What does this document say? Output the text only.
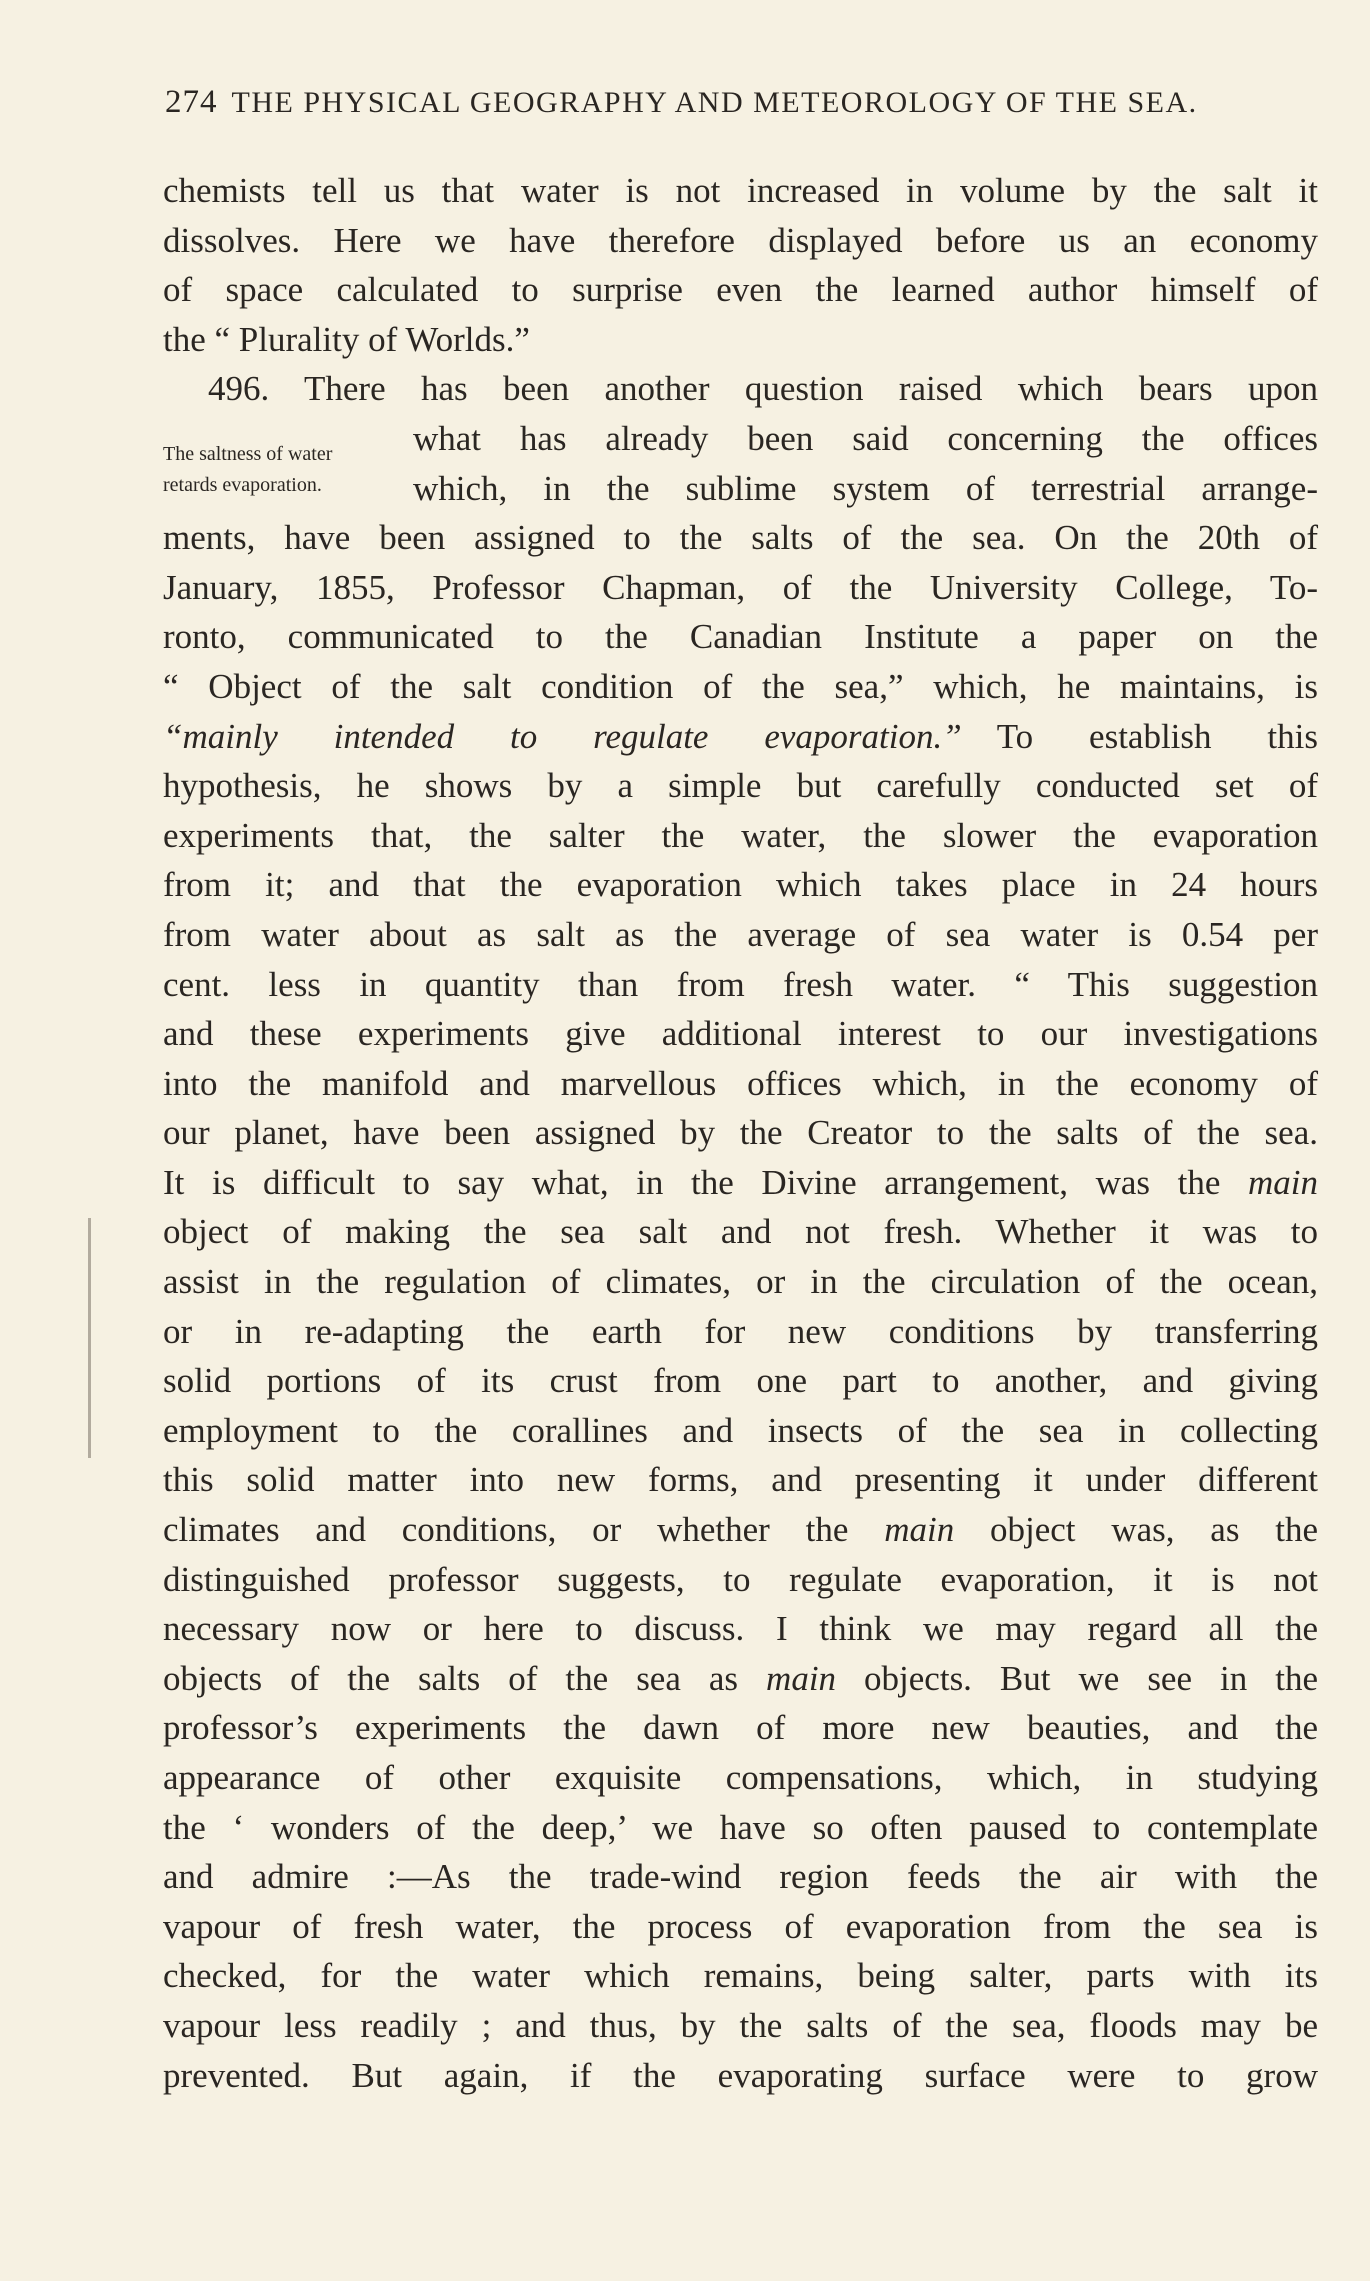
274 THE PHYSICAL GEOGRAPHY AND METEOROLOGY OF THE SEA.
The saltness of water
retards evaporation.
chemists tell us that water is not increased in volume by the salt it
dissolves. Here we have therefore displayed before us an economy
of space calculated to surprise even the learned author himself of
the “ Plurality of Worlds.”
496. There has been another question raised which bears upon
what has already been said concerning the offices
which, in the sublime system of terrestrial arrange-
ments, have been assigned to the salts of the sea. On the 20th of
January, 1855, Professor Chapman, of the University College, To-
ronto, communicated to the Canadian Institute a paper on the
“ Object of the salt condition of the sea,” which, he maintains, is
“mainly intended to regulate evaporation.”  To establish this
hypothesis, he shows by a simple but carefully conducted set of
experiments that, the salter the water, the slower the evaporation
from it; and that the evaporation which takes place in 24 hours
from water about as salt as the average of sea water is 0.54 per
cent. less in quantity than from fresh water. “ This suggestion
and these experiments give additional interest to our investigations
into the manifold and marvellous offices which, in the economy of
our planet, have been assigned by the Creator to the salts of the sea.
It is difficult to say what, in the Divine arrangement, was the main
object of making the sea salt and not fresh. Whether it was to
assist in the regulation of climates, or in the circulation of the ocean,
or in re-adapting the earth for new conditions by transferring
solid portions of its crust from one part to another, and giving
employment to the corallines and insects of the sea in collecting
this solid matter into new forms, and presenting it under different
climates and conditions, or whether the main object was, as the
distinguished professor suggests, to regulate evaporation, it is not
necessary now or here to discuss. I think we may regard all the
objects of the salts of the sea as main objects. But we see in the
professor’s experiments the dawn of more new beauties, and the
appearance of other exquisite compensations, which, in studying
the ‘ wonders of the deep,’ we have so often paused to contemplate
and admire :—As the trade-wind region feeds the air with the
vapour of fresh water, the process of evaporation from the sea is
checked, for the water which remains, being salter, parts with its
vapour less readily ; and thus, by the salts of the sea, floods may be
prevented. But again, if the evaporating surface were to grow
